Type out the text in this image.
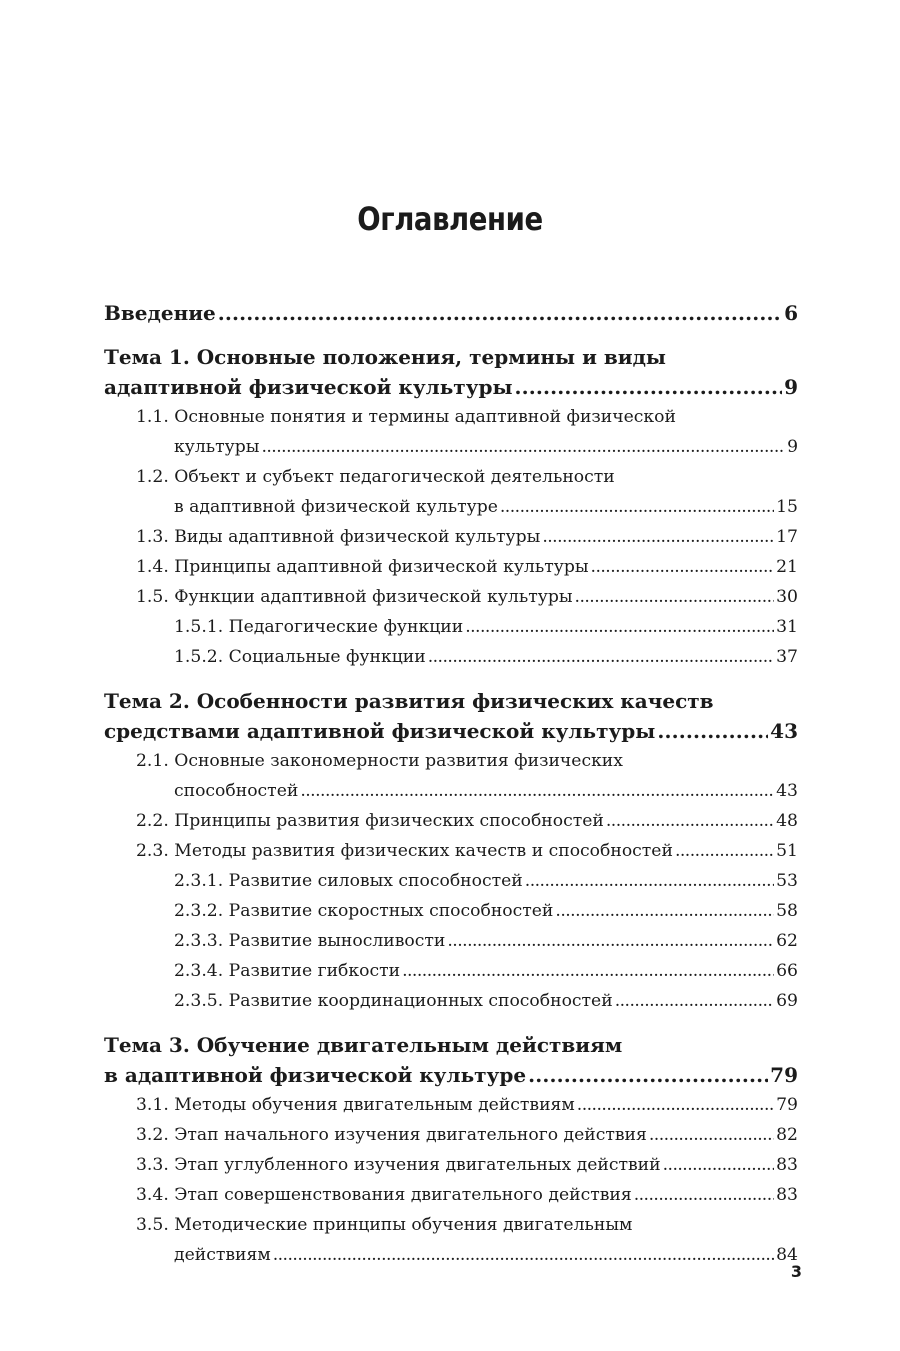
Оглавление
Введение . . .	6
Тема 1. Основные положения, термины и виды
адаптивной физической культуры . . .	9
1.1. Основные понятия и термины адаптивной физической
культуры . . .	9
1.2. Объект и субъект педагогической деятельности
в адаптивной физической культуре . . .	15
1.3. Виды адаптивной физической культуры . . .	17
1.4. Принципы адаптивной физической культуры . . .	21
1.5. Функции адаптивной физической культуры . . .	30
1.5.1. Педагогические функции . . .	31
1.5.2. Социальные функции . . .	37
Тема 2. Особенности развития физических качеств
средствами адаптивной физической культуры . . .	43
2.1. Основные закономерности развития физических
способностей . . .	43
2.2. Принципы развития физических способностей . . .	48
2.3. Методы развития физических качеств и способностей . . .	51
2.3.1. Развитие силовых способностей . . .	53
2.3.2. Развитие скоростных способностей . . .	58
2.3.3. Развитие выносливости . . .	62
2.3.4. Развитие гибкости . . .	66
2.3.5. Развитие координационных способностей . . .	69
Тема 3. Обучение двигательным действиям
в адаптивной физической культуре . . .	79
3.1. Методы обучения двигательным действиям . . .	79
3.2. Этап начального изучения двигательного действия . . .	82
3.3. Этап углубленного изучения двигательных действий . . .	83
3.4. Этап совершенствования двигательного действия . . .	83
3.5. Методические принципы обучения двигательным
действиям . . .	84
3
